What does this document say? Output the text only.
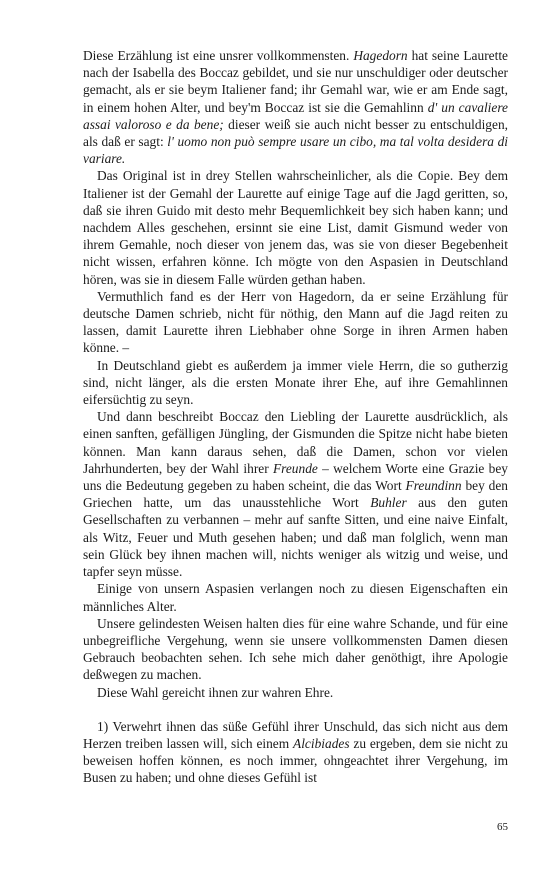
Diese Erzählung ist eine unsrer vollkommensten. Hagedorn hat seine Laurette nach der Isabella des Boccaz gebildet, und sie nur unschuldiger oder deutscher gemacht, als er sie beym Italiener fand; ihr Gemahl war, wie er am Ende sagt, in einem hohen Alter, und bey'm Boccaz ist sie die Gemahlinn d' un cavaliere assai valoroso e da bene; dieser weiß sie auch nicht besser zu entschuldigen, als daß er sagt: l' uomo non può sempre usare un cibo, ma tal volta desidera di variare.

Das Original ist in drey Stellen wahrscheinlicher, als die Copie. Bey dem Italiener ist der Gemahl der Laurette auf einige Tage auf die Jagd geritten, so, daß sie ihren Guido mit desto mehr Bequemlichkeit bey sich haben kann; und nachdem Alles geschehen, ersinnt sie eine List, damit Gismund weder von ihrem Gemahle, noch dieser von jenem das, was sie von dieser Begebenheit nicht wissen, erfahren könne. Ich mögte von den Aspasien in Deutschland hören, was sie in diesem Falle würden gethan haben.

Vermuthlich fand es der Herr von Hagedorn, da er seine Erzählung für deutsche Damen schrieb, nicht für nöthig, den Mann auf die Jagd reiten zu lassen, damit Laurette ihren Liebhaber ohne Sorge in ihren Armen haben könne. –

In Deutschland giebt es außerdem ja immer viele Herrn, die so gutherzig sind, nicht länger, als die ersten Monate ihrer Ehe, auf ihre Gemahlinnen eifersüchtig zu seyn.

Und dann beschreibt Boccaz den Liebling der Laurette ausdrücklich, als einen sanften, gefälligen Jüngling, der Gismunden die Spitze nicht habe bieten können. Man kann daraus sehen, daß die Damen, schon vor vielen Jahrhunderten, bey der Wahl ihrer Freunde – welchem Worte eine Grazie bey uns die Bedeutung gegeben zu haben scheint, die das Wort Freundinn bey den Griechen hatte, um das unausstehliche Wort Buhler aus den guten Gesellschaften zu verbannen – mehr auf sanfte Sitten, und eine naive Einfalt, als Witz, Feuer und Muth gesehen haben; und daß man folglich, wenn man sein Glück bey ihnen machen will, nichts weniger als witzig und weise, und tapfer seyn müsse.

Einige von unsern Aspasien verlangen noch zu diesen Eigenschaften ein männliches Alter.

Unsere gelindesten Weisen halten dies für eine wahre Schande, und für eine unbegreifliche Vergehung, wenn sie unsere vollkommensten Damen diesen Gebrauch beobachten sehen. Ich sehe mich daher genöthigt, ihre Apologie deßwegen zu machen.

Diese Wahl gereicht ihnen zur wahren Ehre.

1) Verwehrt ihnen das süße Gefühl ihrer Unschuld, das sich nicht aus dem Herzen treiben lassen will, sich einem Alcibiades zu ergeben, dem sie nicht zu beweisen hoffen können, es noch immer, ohngeachtet ihrer Vergehung, im Busen zu haben; und ohne dieses Gefühl ist

65
